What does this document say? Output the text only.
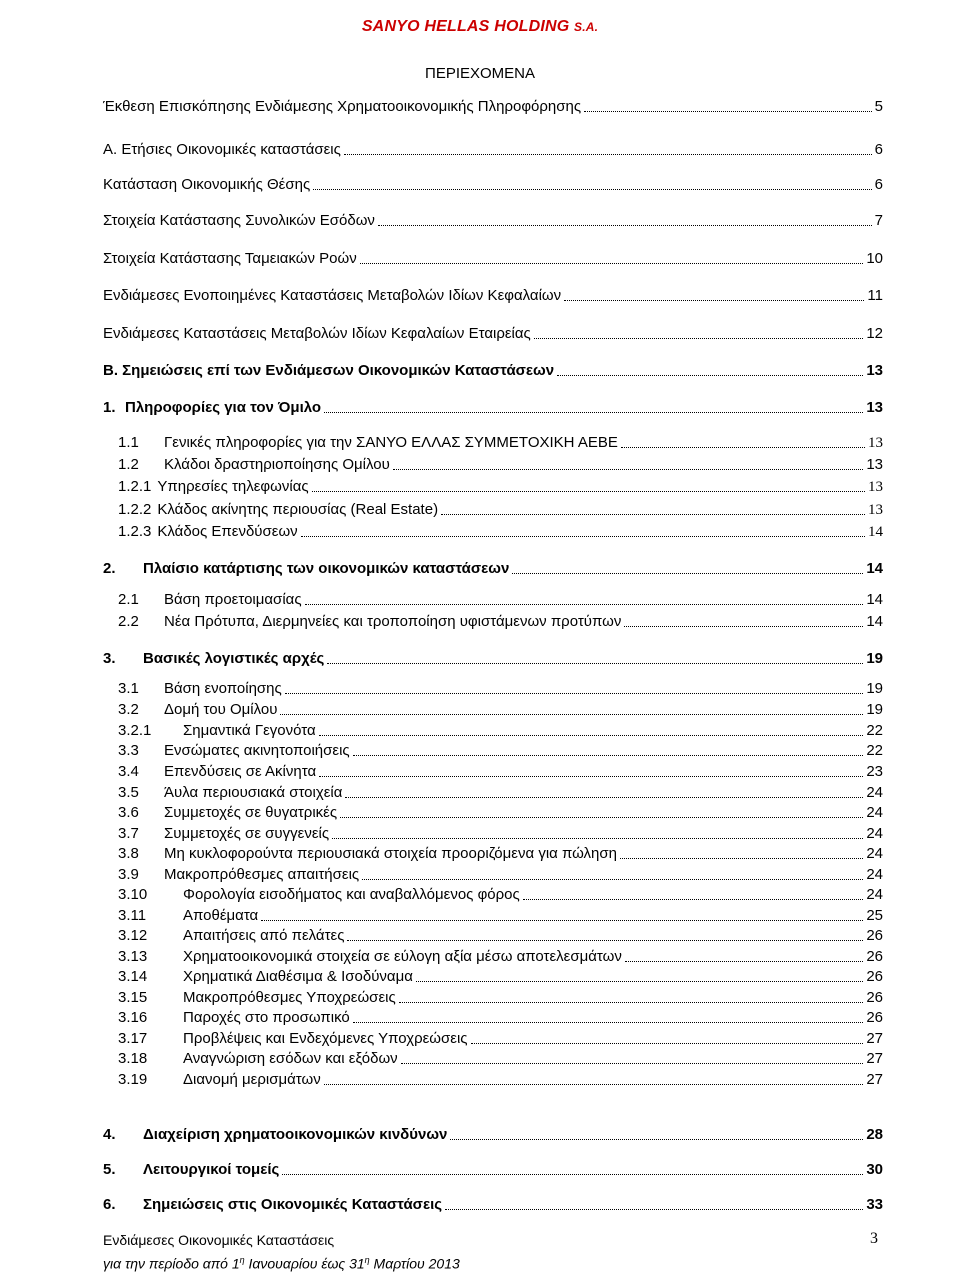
SANYO HELLAS HOLDING S.A.
ΠΕΡΙΕΧΟΜΕΝΑ
Έκθεση Επισκόπησης Ενδιάμεσης Χρηματοοικονομικής Πληροφόρησης	5
Α. Ετήσιες Οικονομικές καταστάσεις	6
Κατάσταση Οικονομικής Θέσης	6
Στοιχεία Κατάστασης Συνολικών Εσόδων	7
Στοιχεία Κατάστασης Ταμειακών Ροών	10
Ενδιάμεσες Ενοποιημένες Καταστάσεις Μεταβολών Ιδίων Κεφαλαίων	11
Ενδιάμεσες Καταστάσεις Μεταβολών Ιδίων Κεφαλαίων Εταιρείας	12
Β. Σημειώσεις επί των Ενδιάμεσων Οικονομικών Καταστάσεων	13
1. Πληροφορίες για τον Όμιλο	13
1.1	Γενικές πληροφορίες για την ΣΑΝΥΟ ΕΛΛΑΣ ΣΥΜΜΕΤΟΧΙΚΗ ΑΕΒΕ	13
1.2	Κλάδοι δραστηριοποίησης Ομίλου	13
1.2.1 Υπηρεσίες τηλεφωνίας	13
1.2.2 Κλάδος ακίνητης περιουσίας (Real Estate)	13
1.2.3 Κλάδος Επενδύσεων	14
2.	Πλαίσιο κατάρτισης των οικονομικών καταστάσεων	14
2.1	Βάση προετοιμασίας	14
2.2	Νέα Πρότυπα, Διερμηνείες και τροποποίηση υφιστάμενων προτύπων	14
3.	Βασικές λογιστικές αρχές	19
3.1	Βάση ενοποίησης	19
3.2	Δομή του Ομίλου	19
3.2.1	Σημαντικά Γεγονότα	22
3.3	Ενσώματες ακινητοποιήσεις	22
3.4	Επενδύσεις σε Ακίνητα	23
3.5	Άυλα περιουσιακά στοιχεία	24
3.6	Συμμετοχές σε θυγατρικές	24
3.7	Συμμετοχές σε συγγενείς	24
3.8	Μη κυκλοφορούντα περιουσιακά στοιχεία προοριζόμενα για πώληση	24
3.9	Μακροπρόθεσμες απαιτήσεις	24
3.10	Φορολογία εισοδήματος και αναβαλλόμενος φόρος	24
3.11	Αποθέματα	25
3.12	Απαιτήσεις από πελάτες	26
3.13	Χρηματοοικονομικά στοιχεία σε εύλογη αξία μέσω αποτελεσμάτων	26
3.14	Χρηματικά Διαθέσιμα & Ισοδύναμα	26
3.15	Μακροπρόθεσμες Υποχρεώσεις	26
3.16	Παροχές στο προσωπικό	26
3.17	Προβλέψεις και Ενδεχόμενες Υποχρεώσεις	27
3.18	Αναγνώριση εσόδων και εξόδων	27
3.19	Διανομή μερισμάτων	27
4.	Διαχείριση χρηματοοικονομικών κινδύνων	28
5.	Λειτουργικοί τομείς	30
6.	Σημειώσεις στις Οικονομικές Καταστάσεις	33
Ενδιάμεσες Οικονομικές Καταστάσεις
για την περίοδο από $1^\eta$ Ιανουαρίου έως $31^\eta$ Μαρτίου 2013
3
